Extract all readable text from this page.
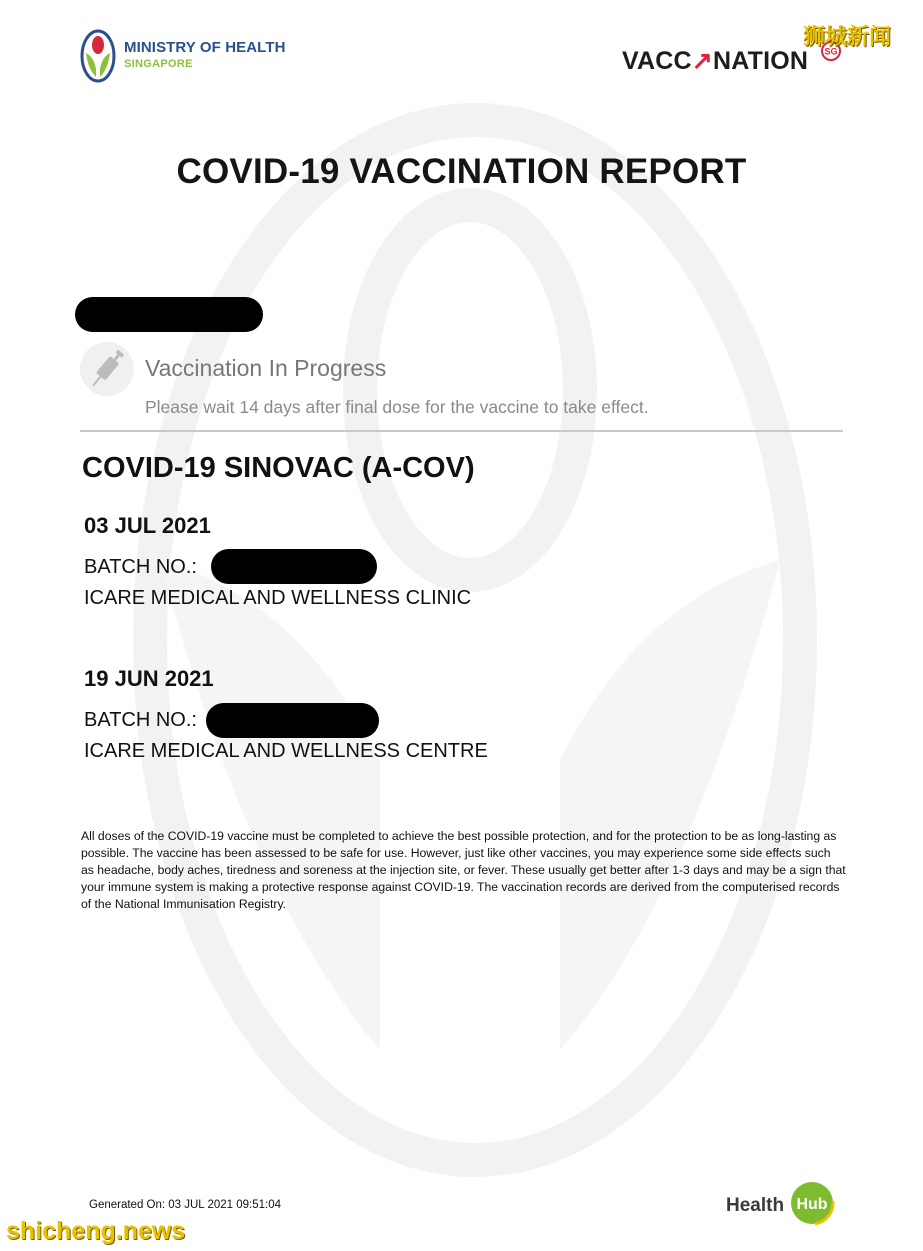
MINISTRY OF HEALTH
SINGAPORE	VACC↗NATION SG
狮城新闻
COVID-19 VACCINATION REPORT
Vaccination In Progress
Please wait 14 days after final dose for the vaccine to take effect.
COVID-19 SINOVAC (A-COV)
03 JUL 2021
BATCH NO.:
ICARE MEDICAL AND WELLNESS CLINIC
19 JUN 2021
BATCH NO.:
ICARE MEDICAL AND WELLNESS CENTRE
All doses of the COVID-19 vaccine must be completed to achieve the best possible protection, and for the protection to be as long-lasting as possible. The vaccine has been assessed to be safe for use. However, just like other vaccines, you may experience some side effects such as headache, body aches, tiredness and soreness at the injection site, or fever. These usually get better after 1-3 days and may be a sign that your immune system is making a protective response against COVID-19. The vaccination records are derived from the computerised records of the National Immunisation Registry.
Generated On: 03 JUL 2021 09:51:04	Health Hub
shicheng.news
